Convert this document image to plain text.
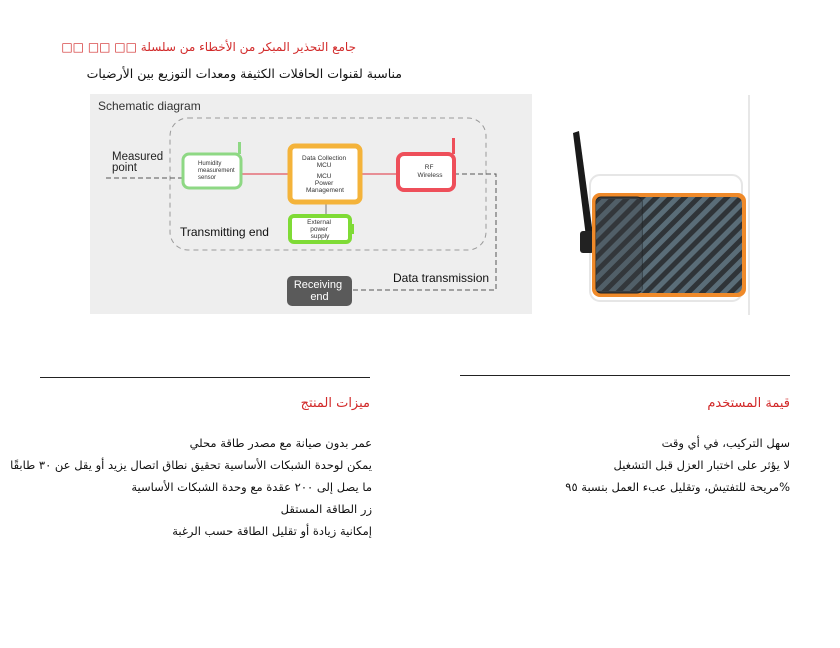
جامع التحذير المبكر من الأخطاء من سلسلة □□ □□ □□
مناسبة لقنوات الحافلات الكثيفة ومعدات التوزيع بين الأرضيات
Schematic diagram
Measured point	Humidity measurement sensor
Data Collection MCU MCU Power Management
RF Wireless
External power supply
Transmitting end
Data transmission
Receiving end
ميزات المنتج	قيمة المستخدم
عمر بدون صيانة مع مصدر طاقة محلي
يمكن لوحدة الشبكات الأساسية تحقيق نطاق اتصال يزيد أو يقل عن ٣٠ طابقًا
ما يصل إلى ٢٠٠ عقدة مع وحدة الشبكات الأساسية
زر الطاقة المستقل
إمكانية زيادة أو تقليل الطاقة حسب الرغبة
سهل التركيب، في أي وقت
لا يؤثر على اختبار العزل قبل التشغيل
%مريحة للتفتيش، وتقليل عبء العمل بنسبة ٩٥
